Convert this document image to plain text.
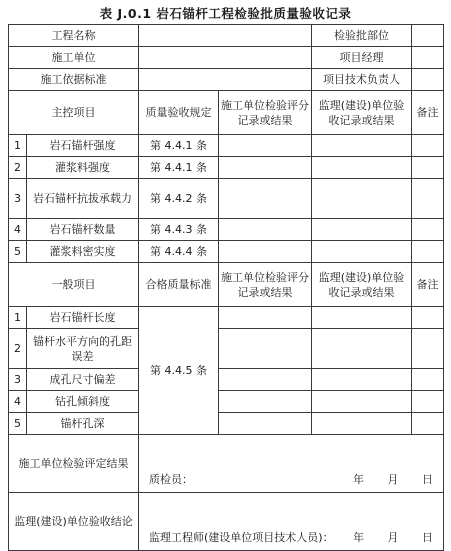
表 J.0.1 岩石锚杆工程检验批质量验收记录
工程名称				检验批部位	
施工单位				项目经理	
施工依据标准				项目技术负责人	
主控项目		质量验收规定	施工单位检验评分记录或结果	监理(建设)单位验收记录或结果	备注
1	岩石锚杆强度	第 4.4.1 条			
2	灌浆料强度	第 4.4.1 条			
3	岩石锚杆抗拔承载力	第 4.4.2 条			
4	岩石锚杆数量	第 4.4.3 条			
5	灌浆料密实度	第 4.4.4 条			
一般项目		合格质量标准	施工单位检验评分记录或结果	监理(建设)单位验收记录或结果	备注
1	岩石锚杆长度	第 4.4.5 条			
2	锚杆水平方向的孔距误差				
3	成孔尺寸偏差				
4	钻孔倾斜度				
5	锚杆孔深				
施工单位检验评定结果		质检员： 年 月 日			

监理(建设)单位验收结论		监理工程师(建设单位项目技术人员)： 年 月 日			
